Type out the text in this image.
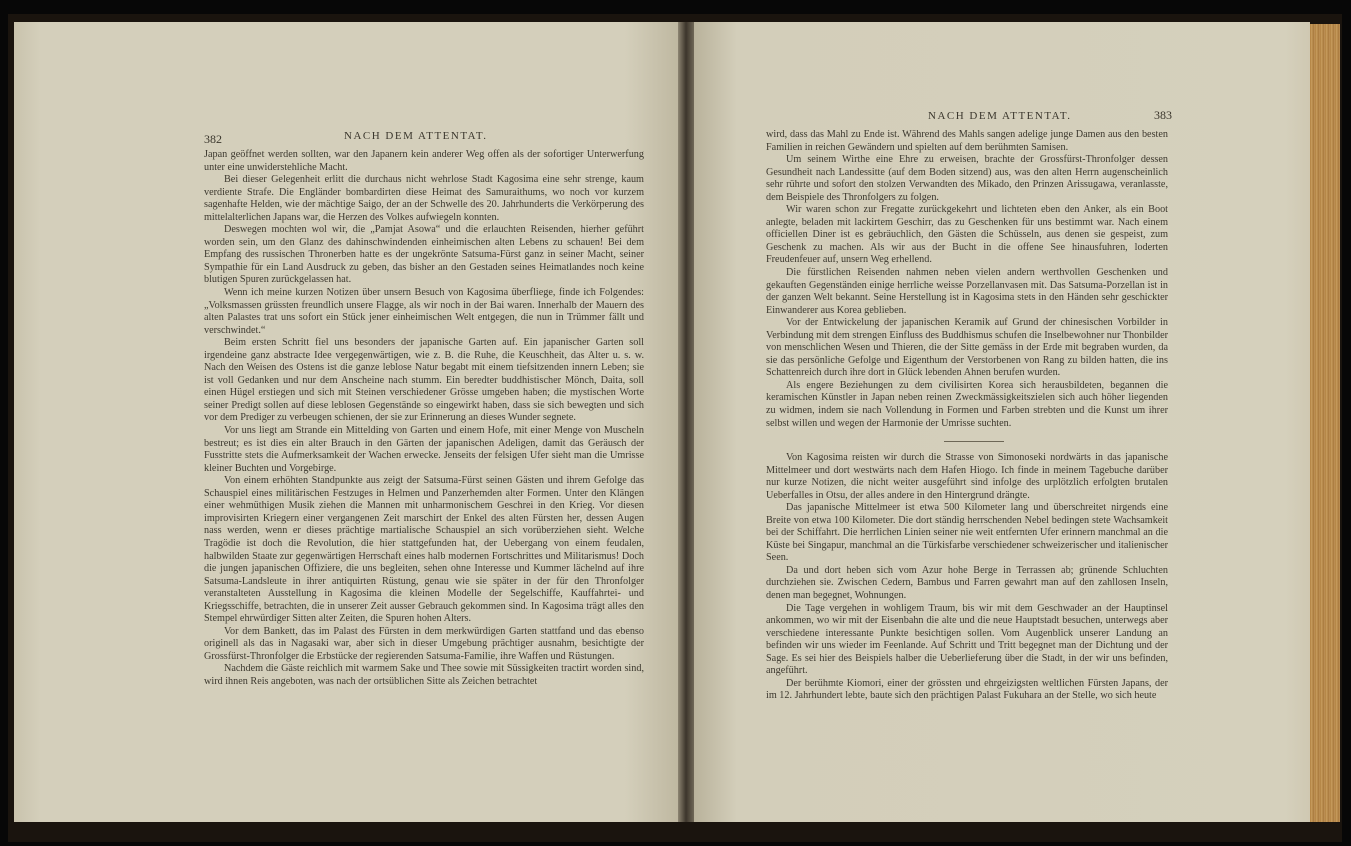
382	NACH DEM ATTENTAT.

Japan geöffnet werden sollten, war den Japanern kein anderer Weg offen als der sofortiger Unterwerfung unter eine unwiderstehliche Macht.

Bei dieser Gelegenheit erlitt die durchaus nicht wehrlose Stadt Kagosima eine sehr strenge, kaum verdiente Strafe. Die Engländer bombardirten diese Heimat des Samuraithums, wo noch vor kurzem sagenhafte Helden, wie der mächtige Saigo, der an der Schwelle des 20. Jahrhunderts die Verkörperung des mittelalterlichen Japans war, die Herzen des Volkes aufwiegeln konnten.

Deswegen mochten wol wir, die „Pamjat Asowa“ und die erlauchten Reisenden, hierher geführt worden sein, um den Glanz des dahinschwindenden einheimischen alten Lebens zu schauen! Bei dem Empfang des russischen Thronerben hatte es der ungekrönte Satsuma-Fürst ganz in seiner Macht, seiner Sympathie für ein Land Ausdruck zu geben, das bisher an den Gestaden seines Heimatlandes noch keine blutigen Spuren zurückgelassen hat.

Wenn ich meine kurzen Notizen über unsern Besuch von Kagosima überfliege, finde ich Folgendes: „Volksmassen grüssten freundlich unsere Flagge, als wir noch in der Bai waren. Innerhalb der Mauern des alten Palastes trat uns sofort ein Stück jener einheimischen Welt entgegen, die nun in Trümmer fällt und verschwindet.“

Beim ersten Schritt fiel uns besonders der japanische Garten auf. Ein japanischer Garten soll irgendeine ganz abstracte Idee vergegenwärtigen, wie z. B. die Ruhe, die Keuschheit, das Alter u. s. w. Nach den Weisen des Ostens ist die ganze leblose Natur begabt mit einem tiefsitzenden innern Leben; sie ist voll Gedanken und nur dem Anscheine nach stumm. Ein beredter buddhistischer Mönch, Daita, soll einen Hügel erstiegen und sich mit Steinen verschiedener Grösse umgeben haben; die mystischen Worte seiner Predigt sollen auf diese leblosen Gegenstände so eingewirkt haben, dass sie sich bewegten und sich vor dem Prediger zu verbeugen schienen, der sie zur Erinnerung an dieses Wunder segnete.

Vor uns liegt am Strande ein Mittelding von Garten und einem Hofe, mit einer Menge von Muscheln bestreut; es ist dies ein alter Brauch in den Gärten der japanischen Adeligen, damit das Geräusch der Fusstritte stets die Aufmerksamkeit der Wachen erwecke. Jenseits der felsigen Ufer sieht man die Umrisse kleiner Buchten und Vorgebirge.

Von einem erhöhten Standpunkte aus zeigt der Satsuma-Fürst seinen Gästen und ihrem Gefolge das Schauspiel eines militärischen Festzuges in Helmen und Panzerhemden alter Formen. Unter den Klängen einer wehmüthigen Musik ziehen die Mannen mit unharmonischem Geschrei in den Krieg. Vor diesen improvisirten Kriegern einer vergangenen Zeit marschirt der Enkel des alten Fürsten her, dessen Augen nass werden, wenn er dieses prächtige martialische Schauspiel an sich vorüberziehen sieht. Welche Tragödie ist doch die Revolution, die hier stattgefunden hat, der Uebergang von einem feudalen, halbwilden Staate zur gegenwärtigen Herrschaft eines halb modernen Fortschrittes und Militarismus! Doch die jungen japanischen Offiziere, die uns begleiten, sehen ohne Interesse und Kummer lächelnd auf ihre Satsuma-Landsleute in ihrer antiquirten Rüstung, genau wie sie später in der für den Thronfolger veranstalteten Ausstellung in Kagosima die kleinen Modelle der Segelschiffe, Kauffahrtei- und Kriegsschiffe, betrachten, die in unserer Zeit ausser Gebrauch gekommen sind. In Kagosima trägt alles den Stempel ehrwürdiger Sitten alter Zeiten, die Spuren hohen Alters.

Vor dem Bankett, das im Palast des Fürsten in dem merkwürdigen Garten stattfand und das ebenso originell als das in Nagasaki war, aber sich in dieser Umgebung prächtiger ausnahm, besichtigte der Grossfürst-Thronfolger die Erbstücke der regierenden Satsuma-Familie, ihre Waffen und Rüstungen.

Nachdem die Gäste reichlich mit warmem Sake und Thee sowie mit Süssigkeiten tractirt worden sind, wird ihnen Reis angeboten, was nach der ortsüblichen Sitte als Zeichen betrachtet

NACH DEM ATTENTAT.	383

wird, dass das Mahl zu Ende ist. Während des Mahls sangen adelige junge Damen aus den besten Familien in reichen Gewändern und spielten auf dem berühmten Samisen.

Um seinem Wirthe eine Ehre zu erweisen, brachte der Grossfürst-Thronfolger dessen Gesundheit nach Landessitte (auf dem Boden sitzend) aus, was den alten Herrn augenscheinlich sehr rührte und sofort den stolzen Verwandten des Mikado, den Prinzen Arissugawa, veranlasste, dem Beispiele des Thronfolgers zu folgen.

Wir waren schon zur Fregatte zurückgekehrt und lichteten eben den Anker, als ein Boot anlegte, beladen mit lackirtem Geschirr, das zu Geschenken für uns bestimmt war. Nach einem officiellen Diner ist es gebräuchlich, den Gästen die Schüsseln, aus denen sie gespeist, zum Geschenk zu machen. Als wir aus der Bucht in die offene See hinausfuhren, loderten Freudenfeuer auf, unsern Weg erhellend.

Die fürstlichen Reisenden nahmen neben vielen andern werthvollen Geschenken und gekauften Gegenständen einige herrliche weisse Porzellanvasen mit. Das Satsuma-Porzellan ist in der ganzen Welt bekannt. Seine Herstellung ist in Kagosima stets in den Händen sehr geschickter Einwanderer aus Korea geblieben.

Vor der Entwickelung der japanischen Keramik auf Grund der chinesischen Vorbilder in Verbindung mit dem strengen Einfluss des Buddhismus schufen die Inselbewohner nur Thonbilder von menschlichen Wesen und Thieren, die der Sitte gemäss in der Erde mit begraben wurden, da sie das persönliche Gefolge und Eigenthum der Verstorbenen von Rang zu bilden hatten, die ins Schattenreich durch ihre dort in Glück lebenden Ahnen berufen wurden.

Als engere Beziehungen zu dem civilisirten Korea sich herausbildeten, begannen die keramischen Künstler in Japan neben reinen Zweckmässigkeitszielen sich auch höher liegenden zu widmen, indem sie nach Vollendung in Formen und Farben strebten und die Kunst um ihrer selbst willen und wegen der Harmonie der Umrisse suchten.

Von Kagosima reisten wir durch die Strasse von Simonoseki nordwärts in das japanische Mittelmeer und dort westwärts nach dem Hafen Hiogo. Ich finde in meinem Tagebuche darüber nur kurze Notizen, die nicht weiter ausgeführt sind infolge des urplötzlich erfolgten brutalen Ueberfalles in Otsu, der alles andere in den Hintergrund drängte.

Das japanische Mittelmeer ist etwa 500 Kilometer lang und überschreitet nirgends eine Breite von etwa 100 Kilometer. Die dort ständig herrschenden Nebel bedingen stete Wachsamkeit bei der Schiffahrt. Die herrlichen Linien seiner nie weit entfernten Ufer erinnern manchmal an die Küste bei Singapur, manchmal an die Türkisfarbe verschiedener schweizerischer und italienischer Seen.

Da und dort heben sich vom Azur hohe Berge in Terrassen ab; grünende Schluchten durchziehen sie. Zwischen Cedern, Bambus und Farren gewahrt man auf den zahllosen Inseln, denen man begegnet, Wohnungen.

Die Tage vergehen in wohligem Traum, bis wir mit dem Geschwader an der Hauptinsel ankommen, wo wir mit der Eisenbahn die alte und die neue Hauptstadt besuchen, unterwegs aber verschiedene interessante Punkte besichtigen sollen. Vom Augenblick unserer Landung an befinden wir uns wieder im Feenlande. Auf Schritt und Tritt begegnet man der Dichtung und der Sage. Es sei hier des Beispiels halber die Ueberlieferung über die Stadt, in der wir uns befinden, angeführt.

Der berühmte Kiomori, einer der grössten und ehrgeizigsten weltlichen Fürsten Japans, der im 12. Jahrhundert lebte, baute sich den prächtigen Palast Fukuhara an der Stelle, wo sich heute
